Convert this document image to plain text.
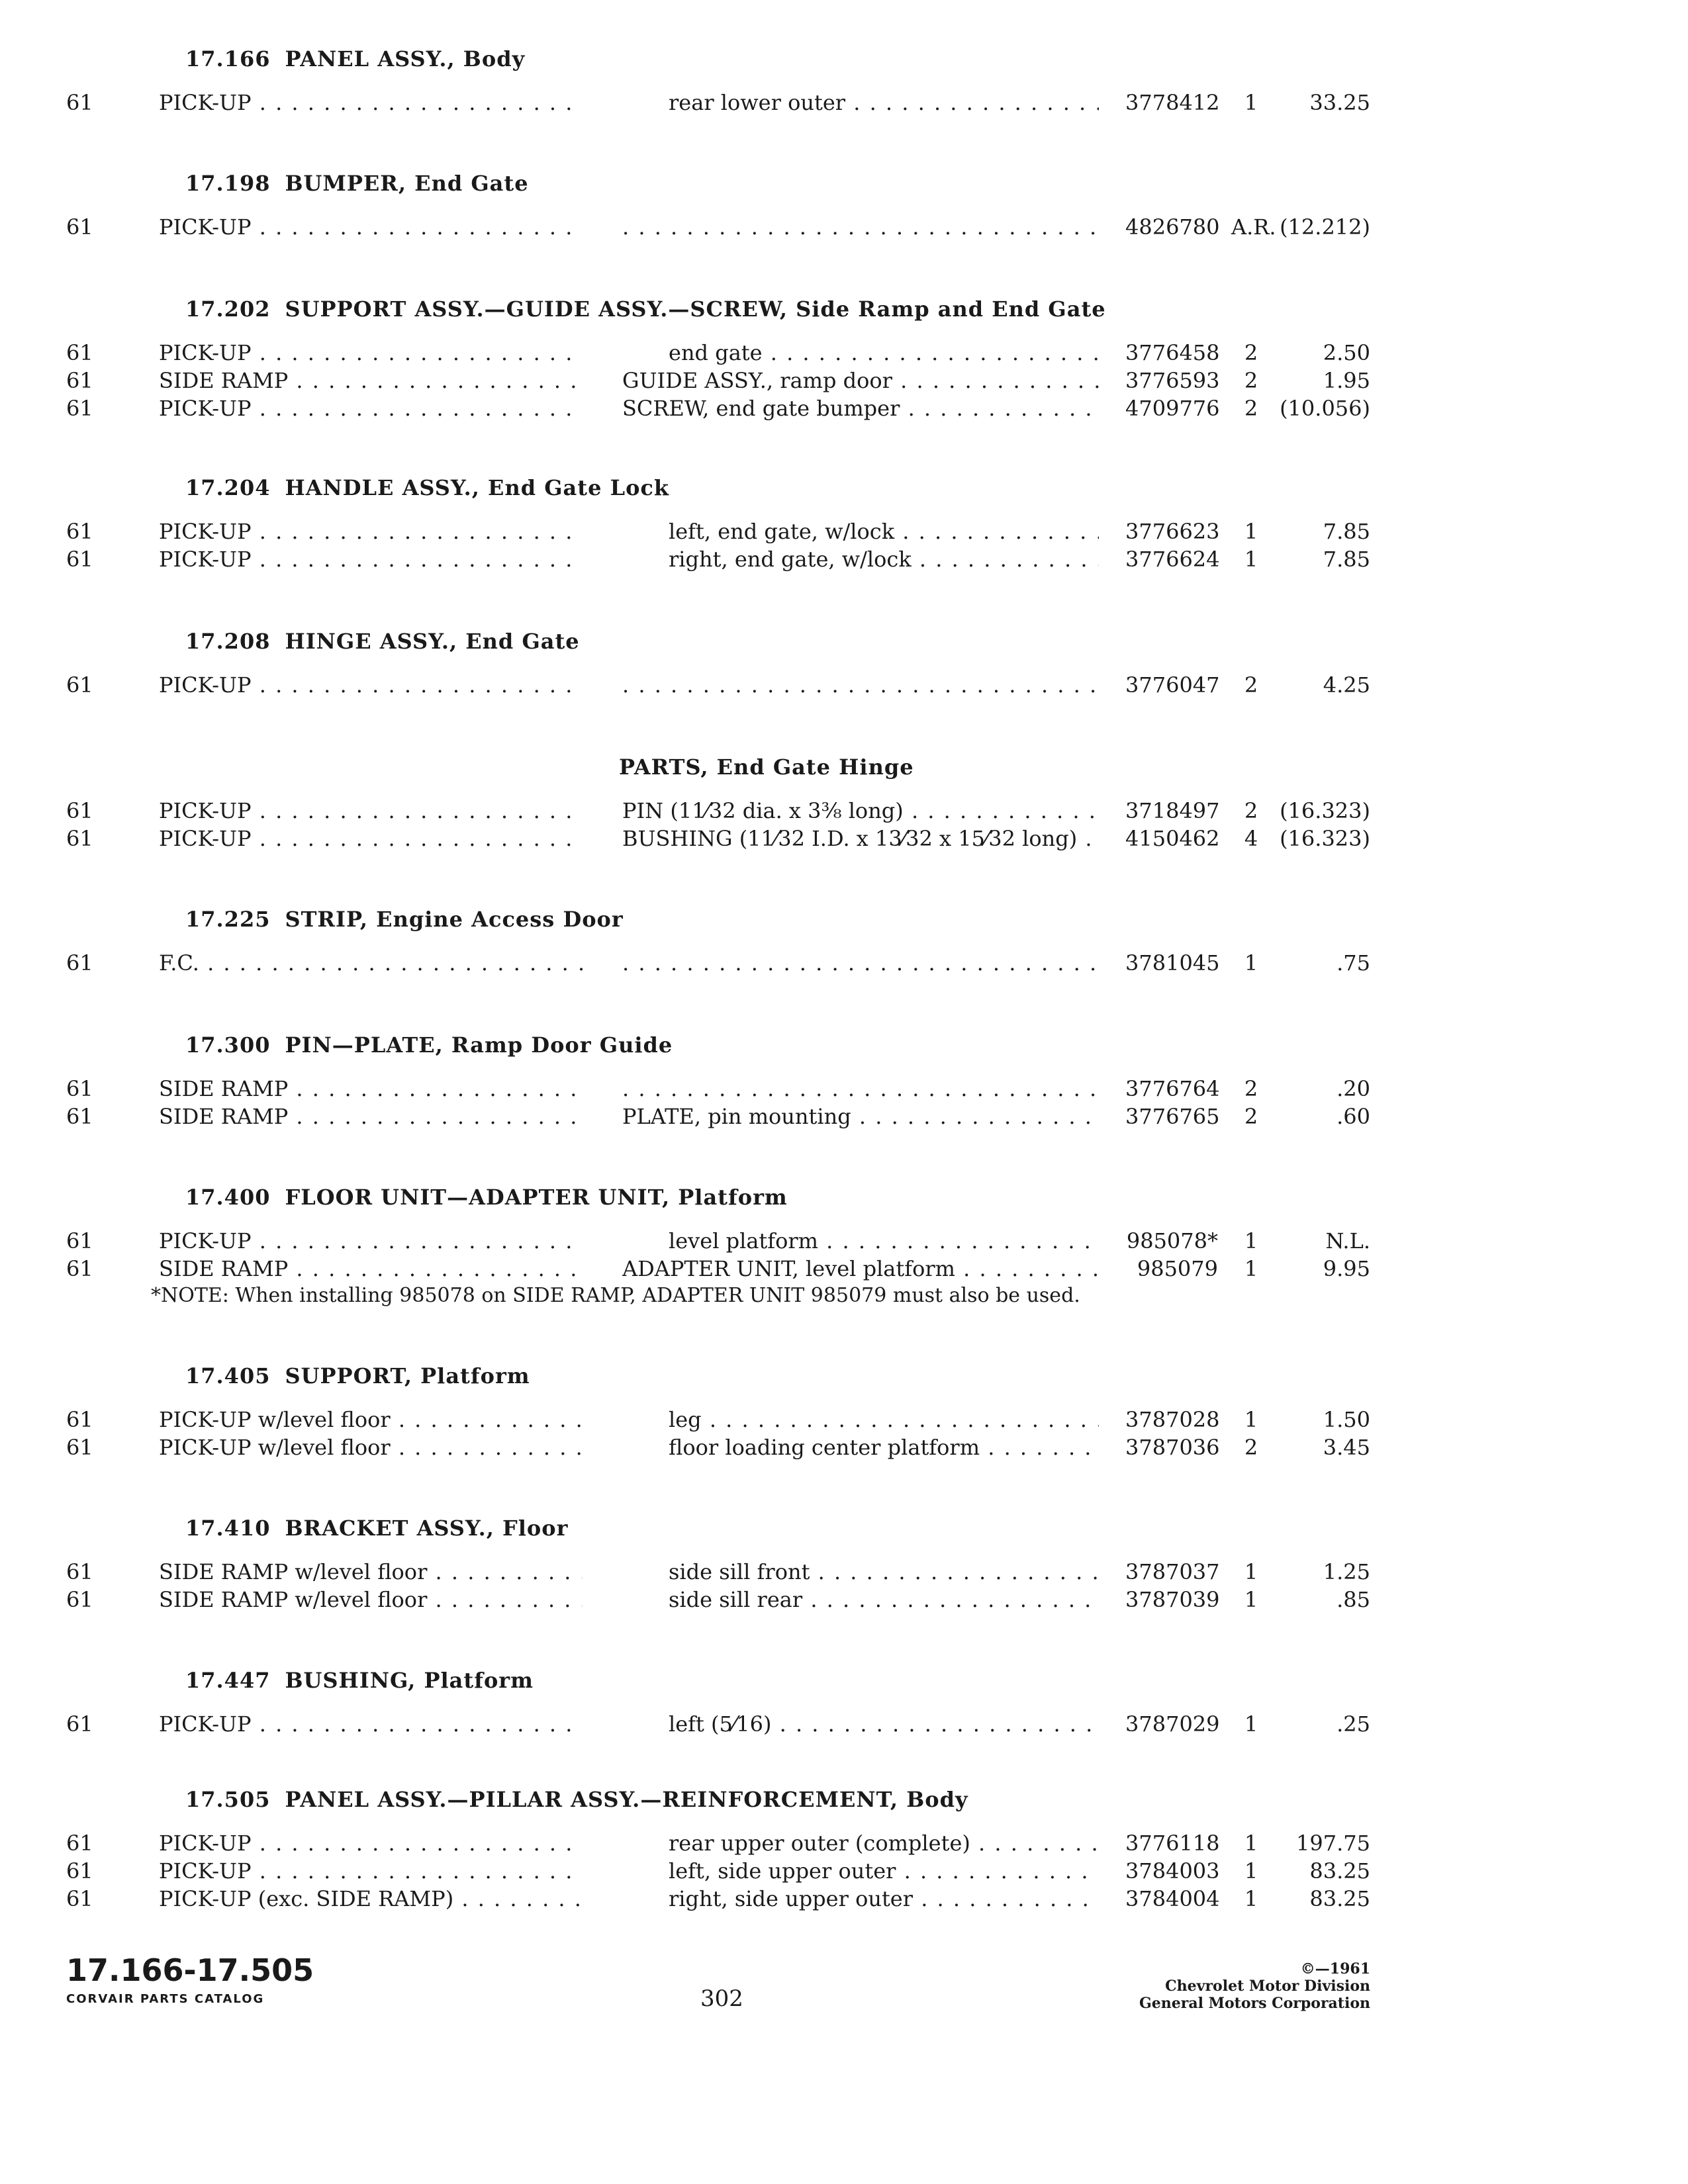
17.166 PANEL ASSY., Body
61	PICK-UP . . .	rear lower outer . . .	3778412	1	33.25
17.198 BUMPER, End Gate
61	PICK-UP . . . . . .	4826780 A.R. (12.212)
17.202 SUPPORT ASSY.—GUIDE ASSY.—SCREW, Side Ramp and End Gate
61	PICK-UP . . .	end gate . . .	3776458	2	2.50
61	SIDE RAMP . . .	GUIDE ASSY., ramp door . . .	3776593	2	1.95
61	PICK-UP . . .	SCREW, end gate bumper . . .	4709776	2	(10.056)
17.204 HANDLE ASSY., End Gate Lock
61	PICK-UP . . .	left, end gate, w/lock . . .	3776623	1	7.85
61	PICK-UP . . .	right, end gate, w/lock . . .	3776624	1	7.85
17.208 HINGE ASSY., End Gate
61	PICK-UP . . . . . .	3776047	2	4.25
PARTS, End Gate Hinge
61	PICK-UP . . .	PIN (11⁄32 dia. x 3⅜ long) . . .	3718497	2	(16.323)
61	PICK-UP . . .	BUSHING (11⁄32 I.D. x 13⁄32 x 15⁄32 long) . . .	4150462	4	(16.323)
17.225 STRIP, Engine Access Door
61	F.C. . . . . . .	3781045	1	.75
17.300 PIN—PLATE, Ramp Door Guide
61	SIDE RAMP . . . . . .	3776764	2	.20
61	SIDE RAMP . . .	PLATE, pin mounting . . .	3776765	2	.60
17.400 FLOOR UNIT—ADAPTER UNIT, Platform
61	PICK-UP . . .	level platform . . .	985078*	1	N.L.
61	SIDE RAMP . . .	ADAPTER UNIT, level platform . . .	985079	1	9.95
*NOTE: When installing 985078 on SIDE RAMP, ADAPTER UNIT 985079 must also be used.
17.405 SUPPORT, Platform
61	PICK-UP w/level floor . . .	leg . . .	3787028	1	1.50
61	PICK-UP w/level floor . . .	floor loading center platform . . .	3787036	2	3.45
17.410 BRACKET ASSY., Floor
61	SIDE RAMP w/level floor . . .	side sill front . . .	3787037	1	1.25
61	SIDE RAMP w/level floor . . .	side sill rear . . .	3787039	1	.85
17.447 BUSHING, Platform
61	PICK-UP . . .	left (5⁄16) . . .	3787029	1	.25
17.505 PANEL ASSY.—PILLAR ASSY.—REINFORCEMENT, Body
61	PICK-UP . . .	rear upper outer (complete) . . .	3776118	1	197.75
61	PICK-UP . . .	left, side upper outer . . .	3784003	1	83.25
61	PICK-UP (exc. SIDE RAMP) . . .	right, side upper outer . . .	3784004	1	83.25
17.166-17.505
CORVAIR PARTS CATALOG	302
©—1961
Chevrolet Motor Division
General Motors Corporation
